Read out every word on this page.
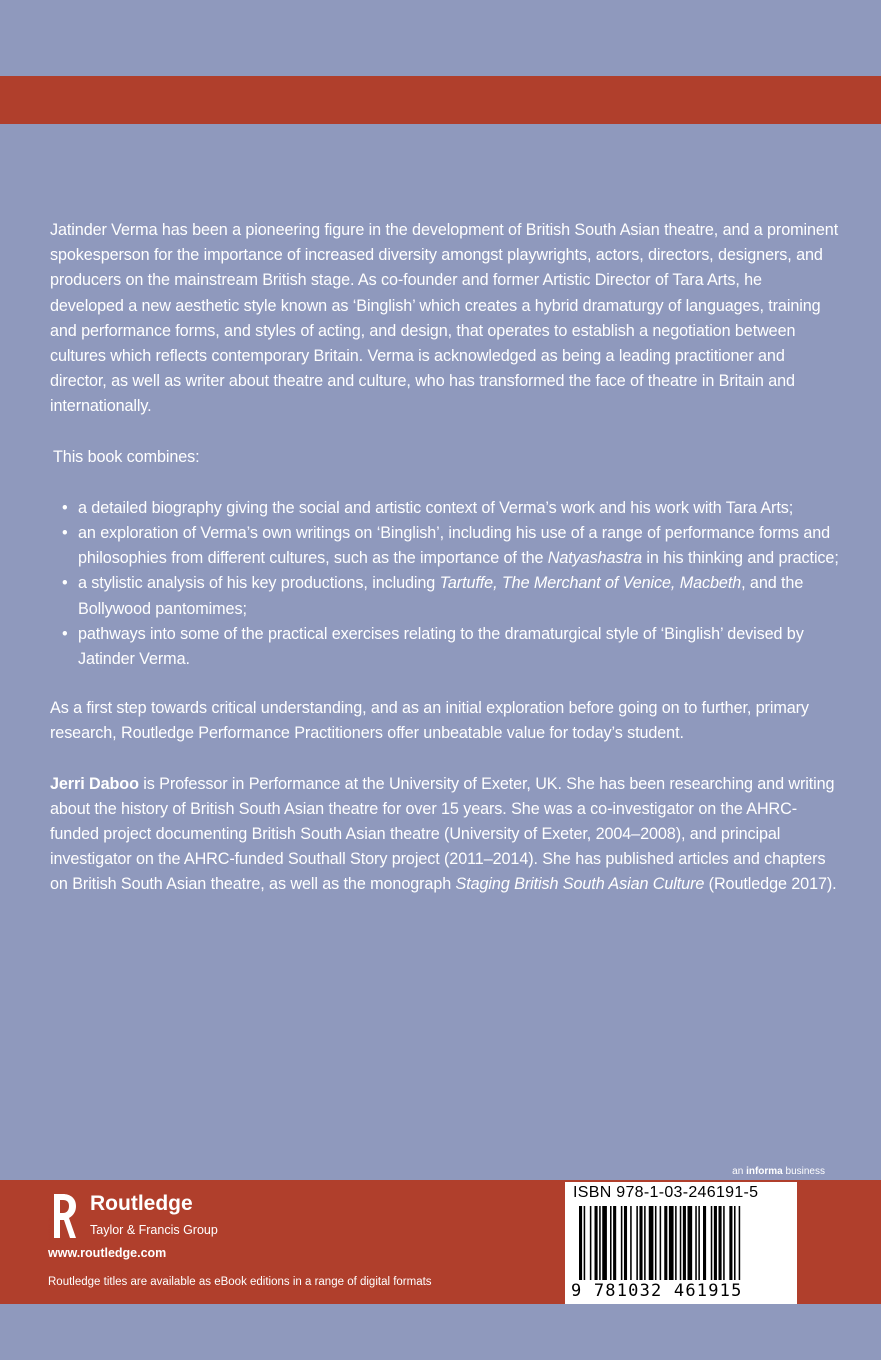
Jatinder Verma has been a pioneering figure in the development of British South Asian theatre, and a prominent spokesperson for the importance of increased diversity amongst playwrights, actors, directors, designers, and producers on the mainstream British stage. As co-founder and former Artistic Director of Tara Arts, he developed a new aesthetic style known as ‘Binglish’ which creates a hybrid dramaturgy of languages, training and performance forms, and styles of acting, and design, that operates to establish a negotiation between cultures which reflects contemporary Britain. Verma is acknowledged as being a leading practitioner and director, as well as writer about theatre and culture, who has transformed the face of theatre in Britain and internationally.

This book combines:

• a detailed biography giving the social and artistic context of Verma’s work and his work with Tara Arts;
• an exploration of Verma’s own writings on ‘Binglish’, including his use of a range of performance forms and philosophies from different cultures, such as the importance of the Natyashastra in his thinking and practice;
• a stylistic analysis of his key productions, including Tartuffe, The Merchant of Venice, Macbeth, and the Bollywood pantomimes;
• pathways into some of the practical exercises relating to the dramaturgical style of ‘Binglish’ devised by Jatinder Verma.

As a first step towards critical understanding, and as an initial exploration before going on to further, primary research, Routledge Performance Practitioners offer unbeatable value for today’s student.

Jerri Daboo is Professor in Performance at the University of Exeter, UK. She has been researching and writing about the history of British South Asian theatre for over 15 years. She was a co-investigator on the AHRC-funded project documenting British South Asian theatre (University of Exeter, 2004–2008), and principal investigator on the AHRC-funded Southall Story project (2011–2014). She has published articles and chapters on British South Asian theatre, as well as the monograph Staging British South Asian Culture (Routledge 2017).

an informa business
ROUTLEDGE
Routledge
Taylor & Francis Group
www.routledge.com
Routledge titles are available as eBook editions in a range of digital formats
ISBN 978-1-03-246191-5
9 781032 461915
